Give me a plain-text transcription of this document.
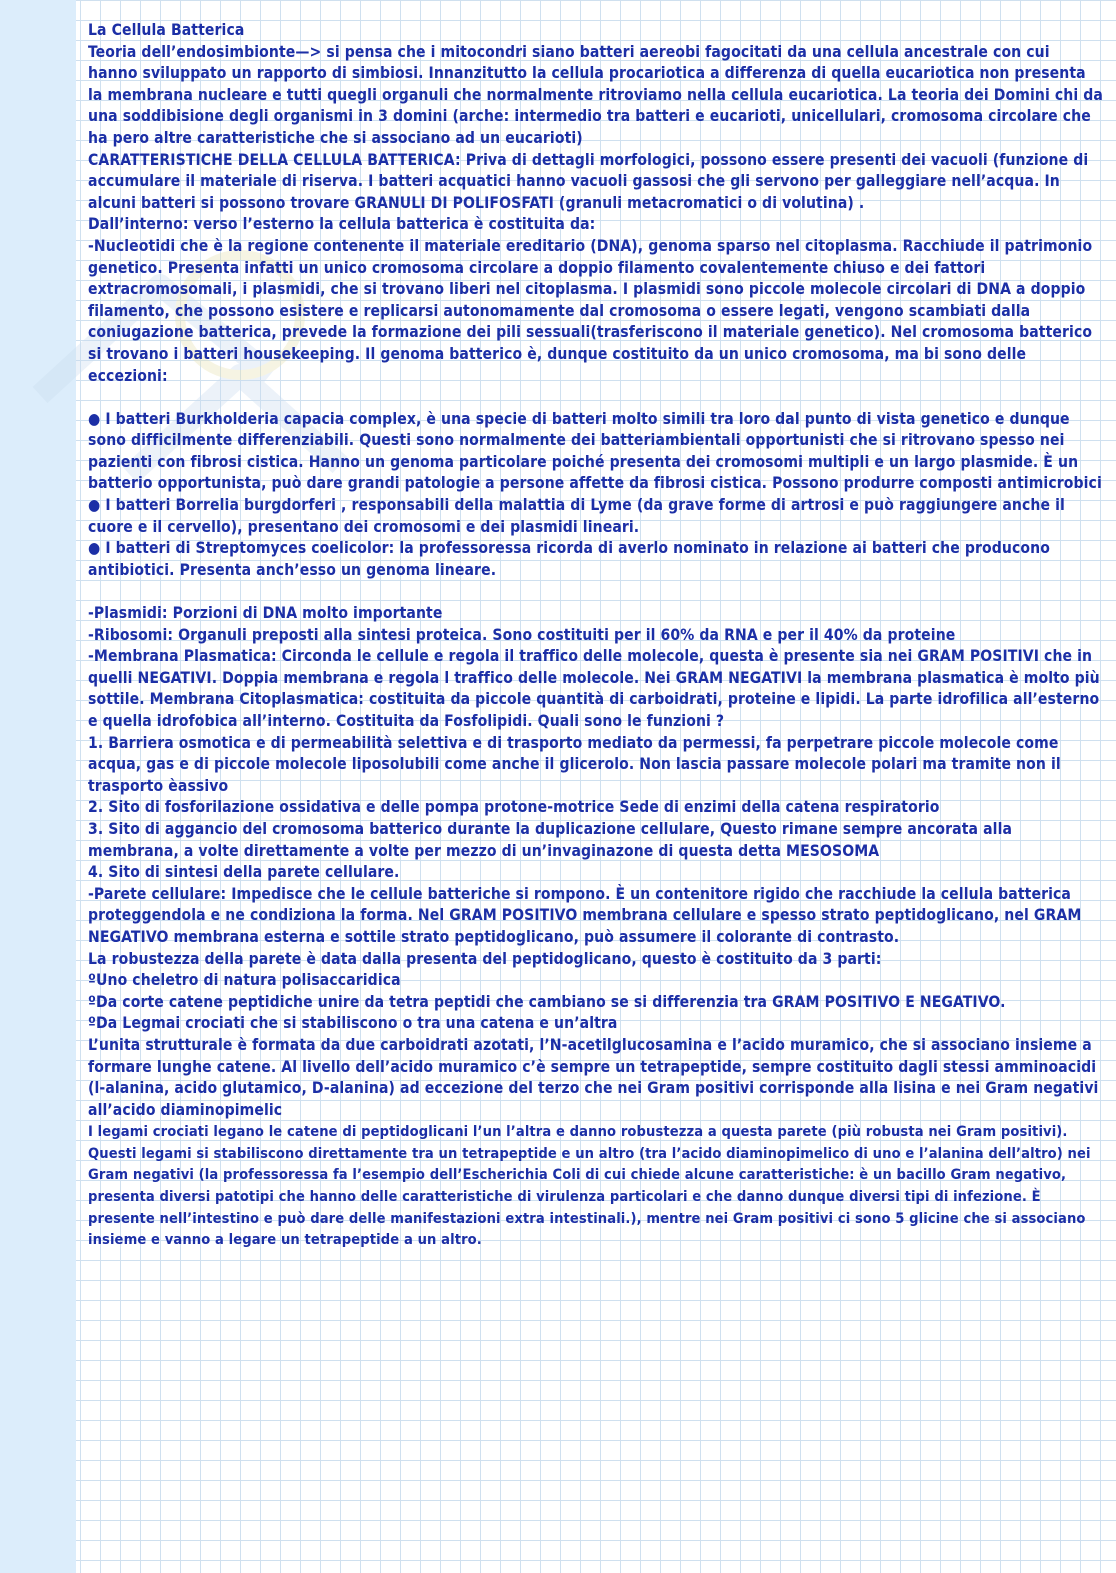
La Cellula Batterica

Teoria dell’endosimbionte—> si pensa che i mitocondri siano batteri aereobi fagocitati da una cellula ancestrale con cui hanno sviluppato un rapporto di simbiosi. Innanzitutto la cellula procariotica a differenza di quella eucariotica non presenta la membrana nucleare e tutti quegli organuli che normalmente ritroviamo nella cellula eucariotica. La teoria dei Domini chi da una soddibisione degli organismi in 3 domini (arche: intermedio tra batteri e eucarioti, unicellulari, cromosoma circolare che ha pero altre caratteristiche che si associano ad un eucarioti)

CARATTERISTICHE DELLA CELLULA BATTERICA: Priva di dettagli morfologici, possono essere presenti dei vacuoli (funzione di accumulare il materiale di riserva. I batteri acquatici hanno vacuoli gassosi che gli servono per galleggiare nell’acqua. In alcuni batteri si possono trovare GRANULI DI POLIFOSFATI (granuli metacromatici o di volutina) .

Dall’interno: verso l’esterno la cellula batterica è costituita da:

-Nucleotidi che è la regione contenente il materiale ereditario (DNA), genoma sparso nel citoplasma. Racchiude il patrimonio genetico. Presenta infatti un unico cromosoma circolare a doppio filamento covalentemente chiuso e dei fattori extracromosomali, i plasmidi, che si trovano liberi nel citoplasma. I plasmidi sono piccole molecole circolari di DNA a doppio filamento, che possono esistere e replicarsi autonomamente dal cromosoma o essere legati, vengono scambiati dalla coniugazione batterica, prevede la formazione dei pili sessuali(trasferiscono il materiale genetico). Nel cromosoma batterico si trovano i batteri housekeeping. Il genoma batterico è, dunque costituito da un unico cromosoma, ma bi sono delle eccezioni:

● I batteri Burkholderia capacia complex, è una specie di batteri molto simili tra loro dal punto di vista genetico e dunque sono difficilmente differenziabili. Questi sono normalmente dei batteriambientali opportunisti che si ritrovano spesso nei pazienti con fibrosi cistica. Hanno un genoma particolare poiché presenta dei cromosomi multipli e un largo plasmide. È un batterio opportunista, può dare grandi patologie a persone affette da fibrosi cistica. Possono produrre composti antimicrobici

● I batteri Borrelia burgdorferi , responsabili della malattia di Lyme (da grave forme di artrosi e può raggiungere anche il cuore e il cervello), presentano dei cromosomi e dei plasmidi lineari.

● I batteri di Streptomyces coelicolor: la professoressa ricorda di averlo nominato in relazione ai batteri che producono antibiotici. Presenta anch’esso un genoma lineare.

-Plasmidi: Porzioni di DNA molto importante

-Ribosomi: Organuli preposti alla sintesi proteica. Sono costituiti per il 60% da RNA e per il 40% da proteine

-Membrana Plasmatica: Circonda le cellule e regola il traffico delle molecole, questa è presente sia nei GRAM POSITIVI che in quelli NEGATIVI. Doppia membrana e regola l traffico delle molecole. Nei GRAM NEGATIVI la membrana plasmatica è molto più sottile. Membrana Citoplasmatica: costituita da piccole quantità di carboidrati, proteine e lipidi. La parte idrofilica all’esterno e quella idrofobica all’interno. Costituita da Fosfolipidi. Quali sono le funzioni ?

1. Barriera osmotica e di permeabilità selettiva e di trasporto mediato da permessi, fa perpetrare piccole molecole come acqua, gas e di piccole molecole liposolubili come anche il glicerolo. Non lascia passare molecole polari ma tramite non il trasporto èassivo

2. Sito di fosforilazione ossidativa e delle pompa protone-motrice Sede di enzimi della catena respiratorio

3. Sito di aggancio del cromosoma batterico durante la duplicazione cellulare, Questo rimane sempre ancorata alla membrana, a volte direttamente a volte per mezzo di un’invaginazone di questa detta MESOSOMA

4. Sito di sintesi della parete cellulare.

-Parete cellulare: Impedisce che le cellule batteriche si rompono. È un contenitore rigido che racchiude la cellula batterica proteggendola e ne condiziona la forma. Nel GRAM POSITIVO membrana cellulare e spesso strato peptidoglicano, nel GRAM NEGATIVO membrana esterna e sottile strato peptidoglicano, può assumere il colorante di contrasto.

La robustezza della parete è data dalla presenta del peptidoglicano, questo è costituito da 3 parti:

ºUno cheletro di natura polisaccaridica

ºDa corte catene peptidiche unire da tetra peptidi che cambiano se si differenzia tra GRAM POSITIVO E NEGATIVO.

ºDa Legmai crociati che si stabiliscono o tra una catena e un’altra

L’unita strutturale è formata da due carboidrati azotati, l’N-acetilglucosamina e l’acido muramico, che si associano insieme a formare lunghe catene. Al livello dell’acido muramico c’è sempre un tetrapeptide, sempre costituito dagli stessi amminoacidi (l-alanina, acido glutamico, D-alanina) ad eccezione del terzo che nei Gram positivi corrisponde alla lisina e nei Gram negativi all’acido diaminopimelic

I legami crociati legano le catene di peptidoglicani l’un l’altra e danno robustezza a questa parete (più robusta nei Gram positivi). Questi legami si stabiliscono direttamente tra un tetrapeptide e un altro (tra l’acido diaminopimelico di uno e l’alanina dell’altro) nei Gram negativi (la professoressa fa l’esempio dell’Escherichia Coli di cui chiede alcune caratteristiche: è un bacillo Gram negativo, presenta diversi patotipi che hanno delle caratteristiche di virulenza particolari e che danno dunque diversi tipi di infezione. È presente nell’intestino e può dare delle manifestazioni extra intestinali.), mentre nei Gram positivi ci sono 5 glicine che si associano insieme e vanno a legare un tetrapeptide a un altro.
